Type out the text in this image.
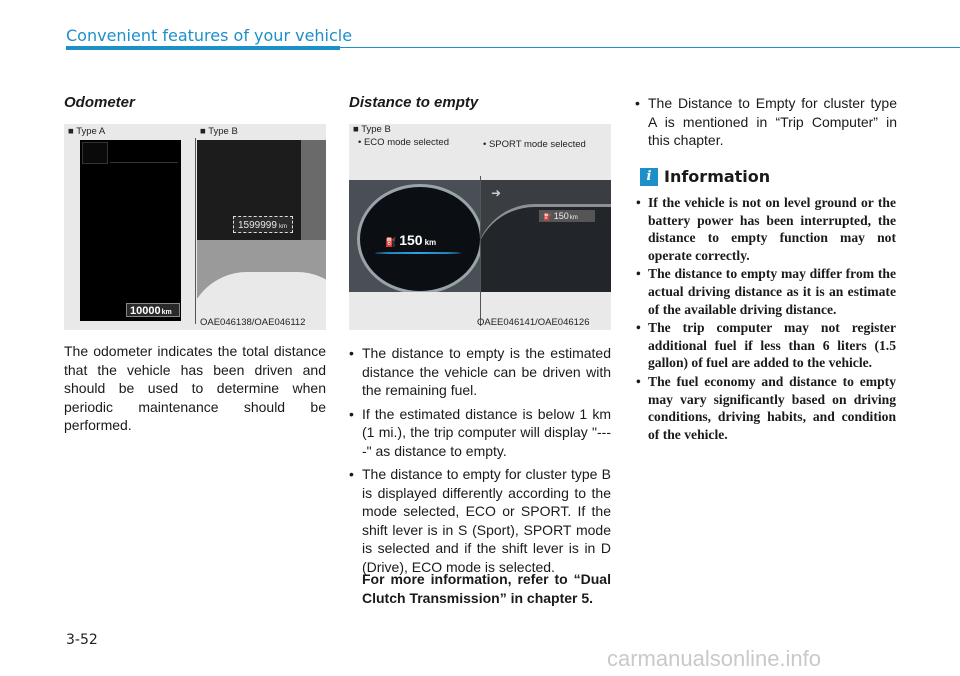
Convenient features of your vehicle
Odometer
■ Type A	■ Type B
10000km
1599999 km
OAE046138/OAE046112

The odometer indicates the total distance that the vehicle has been driven and should be used to determine when periodic maintenance should be performed.

Distance to empty
■ Type B
• ECO mode selected	• SPORT mode selected
⛽ 150 km
➜
⛽ 150km
OAEE046141/OAE046126
• The distance to empty is the estimated distance the vehicle can be driven with the remaining fuel.
• If the estimated distance is below 1 km (1 mi.), the trip computer will display "----" as distance to empty.
• The distance to empty for cluster type B is displayed differently according to the mode selected, ECO or SPORT. If the shift lever is in S (Sport), SPORT mode is selected and if the shift lever is in D (Drive), ECO mode is selected.
For more information, refer to “Dual Clutch Transmission” in chapter 5.
• The Distance to Empty for cluster type A is mentioned in “Trip Computer” in this chapter.
i Information
• If the vehicle is not on level ground or the battery power has been interrupted, the distance to empty function may not operate correctly.
• The distance to empty may differ from the actual driving distance as it is an estimate of the available driving distance.
• The trip computer may not register additional fuel if less than 6 liters (1.5 gallon) of fuel are added to the vehicle.
• The fuel economy and distance to empty may vary significantly based on driving conditions, driving habits, and condition of the vehicle.
3-52
carmanualsonline.info
